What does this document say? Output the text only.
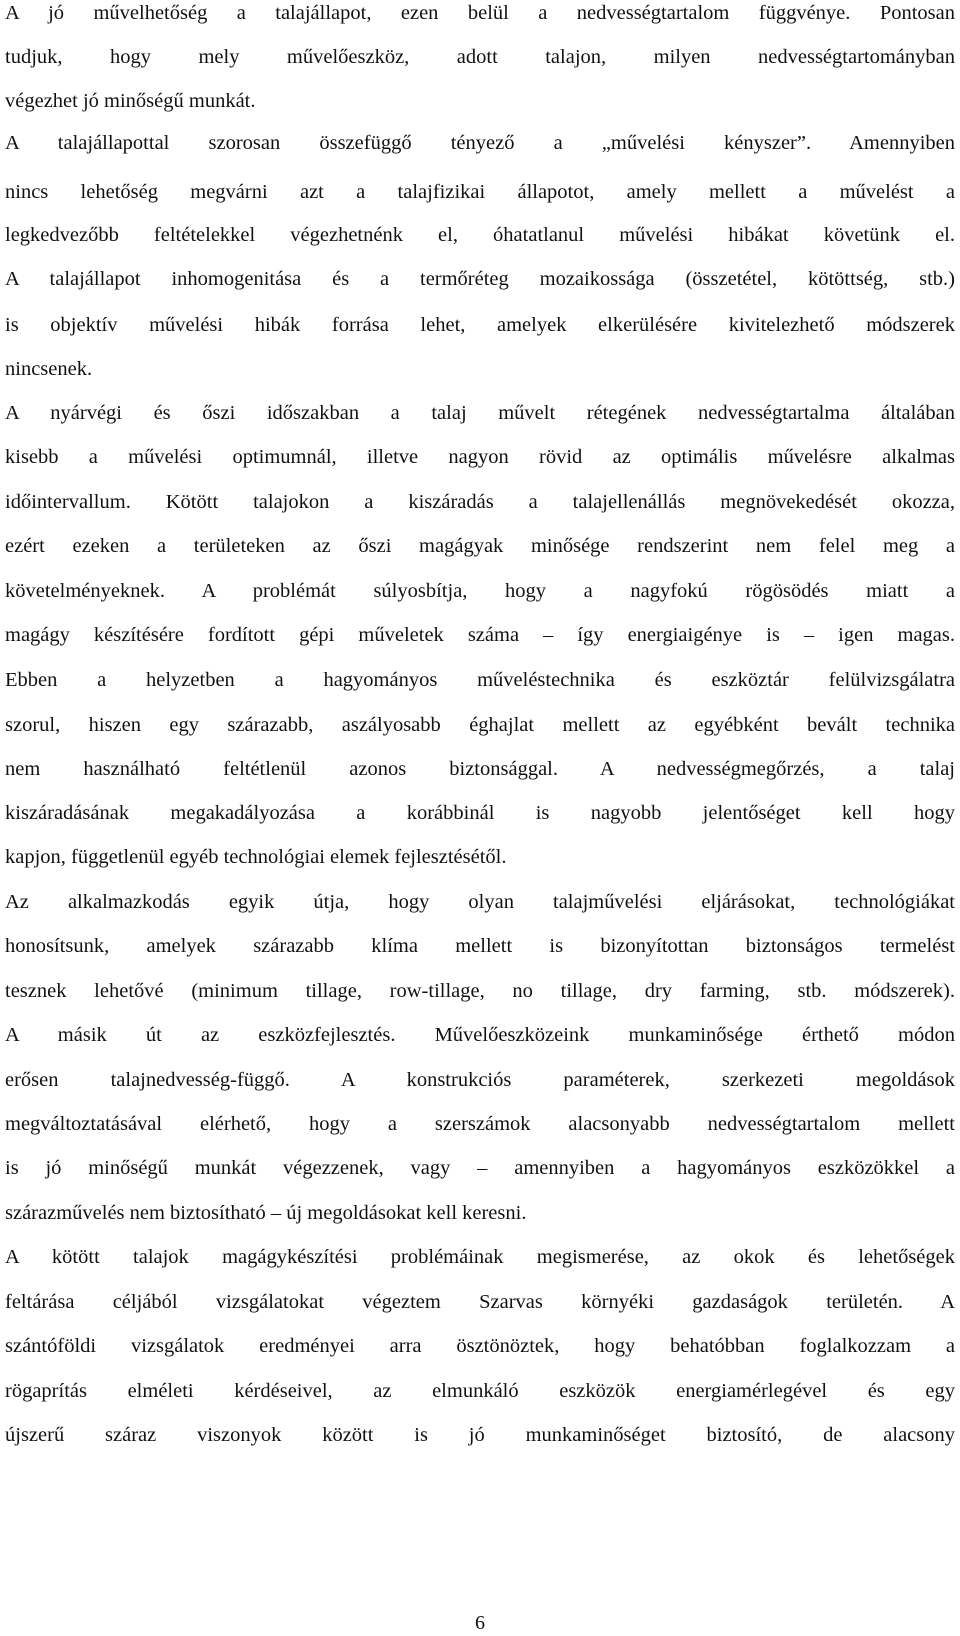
A jó művelhetőség a talajállapot, ezen belül a nedvességtartalom függvénye. Pontosan
tudjuk, hogy mely művelőeszköz, adott talajon, milyen nedvességtartományban
végezhet jó minőségű munkát.
A talajállapottal szorosan összefüggő tényező a „művelési kényszer”. Amennyiben
nincs lehetőség megvárni azt a talajfizikai állapotot, amely mellett a művelést a
legkedvezőbb feltételekkel végezhetnénk el, óhatatlanul művelési hibákat követünk el.
A talajállapot inhomogenitása és a termőréteg mozaikossága (összetétel, kötöttség, stb.)
is objektív művelési hibák forrása lehet, amelyek elkerülésére kivitelezhető módszerek
nincsenek.
A nyárvégi és őszi időszakban a talaj művelt rétegének nedvességtartalma általában
kisebb a művelési optimumnál, illetve nagyon rövid az optimális művelésre alkalmas
időintervallum. Kötött talajokon a kiszáradás a talajellenállás megnövekedését okozza,
ezért ezeken a területeken az őszi magágyak minősége rendszerint nem felel meg a
követelményeknek. A problémát súlyosbítja, hogy a nagyfokú rögösödés miatt a
magágy készítésére fordított gépi műveletek száma – így energiaigénye is – igen magas.
Ebben a helyzetben a hagyományos műveléstechnika és eszköztár felülvizsgálatra
szorul, hiszen egy szárazabb, aszályosabb éghajlat mellett az egyébként bevált technika
nem használható feltétlenül azonos biztonsággal. A nedvességmegőrzés, a talaj
kiszáradásának megakadályozása a korábbinál is nagyobb jelentőséget kell hogy
kapjon, függetlenül egyéb technológiai elemek fejlesztésétől.
Az alkalmazkodás egyik útja, hogy olyan talajművelési eljárásokat, technológiákat
honosítsunk, amelyek szárazabb klíma mellett is bizonyítottan biztonságos termelést
tesznek lehetővé (minimum tillage, row-tillage, no tillage, dry farming, stb. módszerek).
A másik út az eszközfejlesztés. Művelőeszközeink munkaminősége érthető módon
erősen talajnedvesség-függő. A konstrukciós paraméterek, szerkezeti megoldások
megváltoztatásával elérhető, hogy a szerszámok alacsonyabb nedvességtartalom mellett
is jó minőségű munkát végezzenek, vagy – amennyiben a hagyományos eszközökkel a
szárazművelés nem biztosítható – új megoldásokat kell keresni.
A kötött talajok magágykészítési problémáinak megismerése, az okok és lehetőségek
feltárása céljából vizsgálatokat végeztem Szarvas környéki gazdaságok területén. A
szántóföldi vizsgálatok eredményei arra ösztönöztek, hogy behatóbban foglalkozzam a
rögaprítás elméleti kérdéseivel, az elmunkáló eszközök energiamérlegével és egy
újszerű száraz viszonyok között is jó munkaminőséget biztosító, de alacsony
6
